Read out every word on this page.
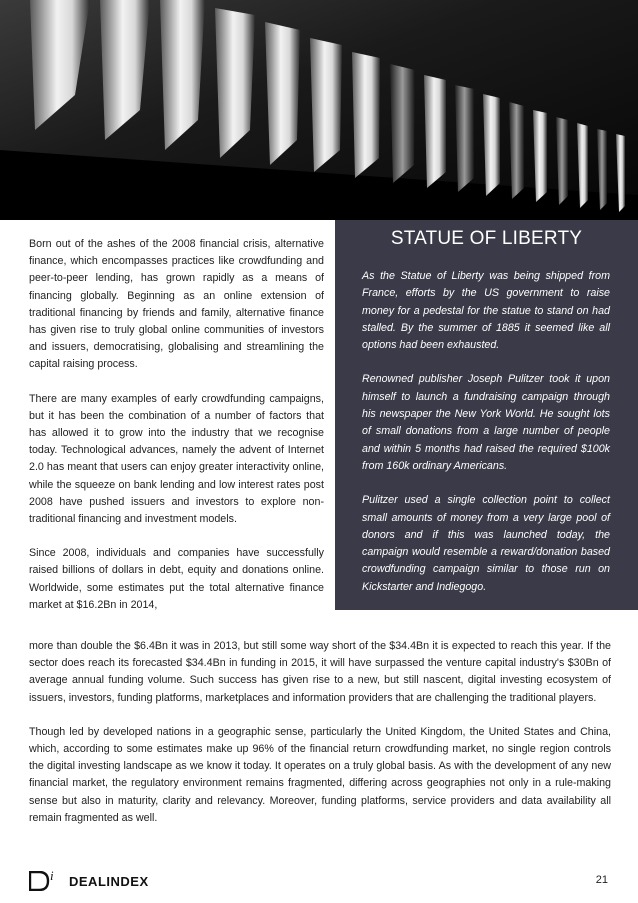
STATUE OF LIBERTY

As the Statue of Liberty was being shipped from France, efforts by the US government to raise money for a pedestal for the statue to stand on had stalled. By the summer of 1885 it seemed like all options had been exhausted.

Renowned publisher Joseph Pulitzer took it upon himself to launch a fundraising campaign through his newspaper the New York World. He sought lots of small donations from a large number of people and within 5 months had raised the required $100k from 160k ordinary Americans.

Pulitzer used a single collection point to collect small amounts of money from a very large pool of donors and if this was launched today, the campaign would resemble a reward/donation based crowdfunding campaign similar to those run on Kickstarter and Indiegogo.

Born out of the ashes of the 2008 financial crisis, alternative finance, which encompasses practices like crowdfunding and peer-to-peer lending, has grown rapidly as a means of financing globally. Beginning as an online extension of traditional financing by friends and family, alternative finance has given rise to truly global online communities of investors and issuers, democratising, globalising and streamlining the capital raising process.

There are many examples of early crowdfunding campaigns, but it has been the combination of a number of factors that has allowed it to grow into the industry that we recognise today. Technological advances, namely the advent of Internet 2.0 has meant that users can enjoy greater interactivity online, while the squeeze on bank lending and low interest rates post 2008 have pushed issuers and investors to explore non-traditional financing and investment models.

Since 2008, individuals and companies have successfully raised billions of dollars in debt, equity and donations online. Worldwide, some estimates put the total alternative finance market at $16.2Bn in 2014,

more than double the $6.4Bn it was in 2013, but still some way short of the $34.4Bn it is expected to reach this year. If the sector does reach its forecasted $34.4Bn in funding in 2015, it will have surpassed the venture capital industry's $30Bn of average annual funding volume. Such success has given rise to a new, but still nascent, digital investing ecosystem of issuers, investors, funding platforms, marketplaces and information providers that are challenging the traditional players.

Though led by developed nations in a geographic sense, particularly the United Kingdom, the United States and China, which, according to some estimates make up 96% of the financial return crowdfunding market, no single region controls the digital investing landscape as we know it today. It operates on a truly global basis. As with the development of any new financial market, the regulatory environment remains fragmented, differing across geographies not only in a rule-making sense but also in maturity, clarity and relevancy. Moreover, funding platforms, service providers and data availability all remain fragmented as well.

i DEALINDEX	21
